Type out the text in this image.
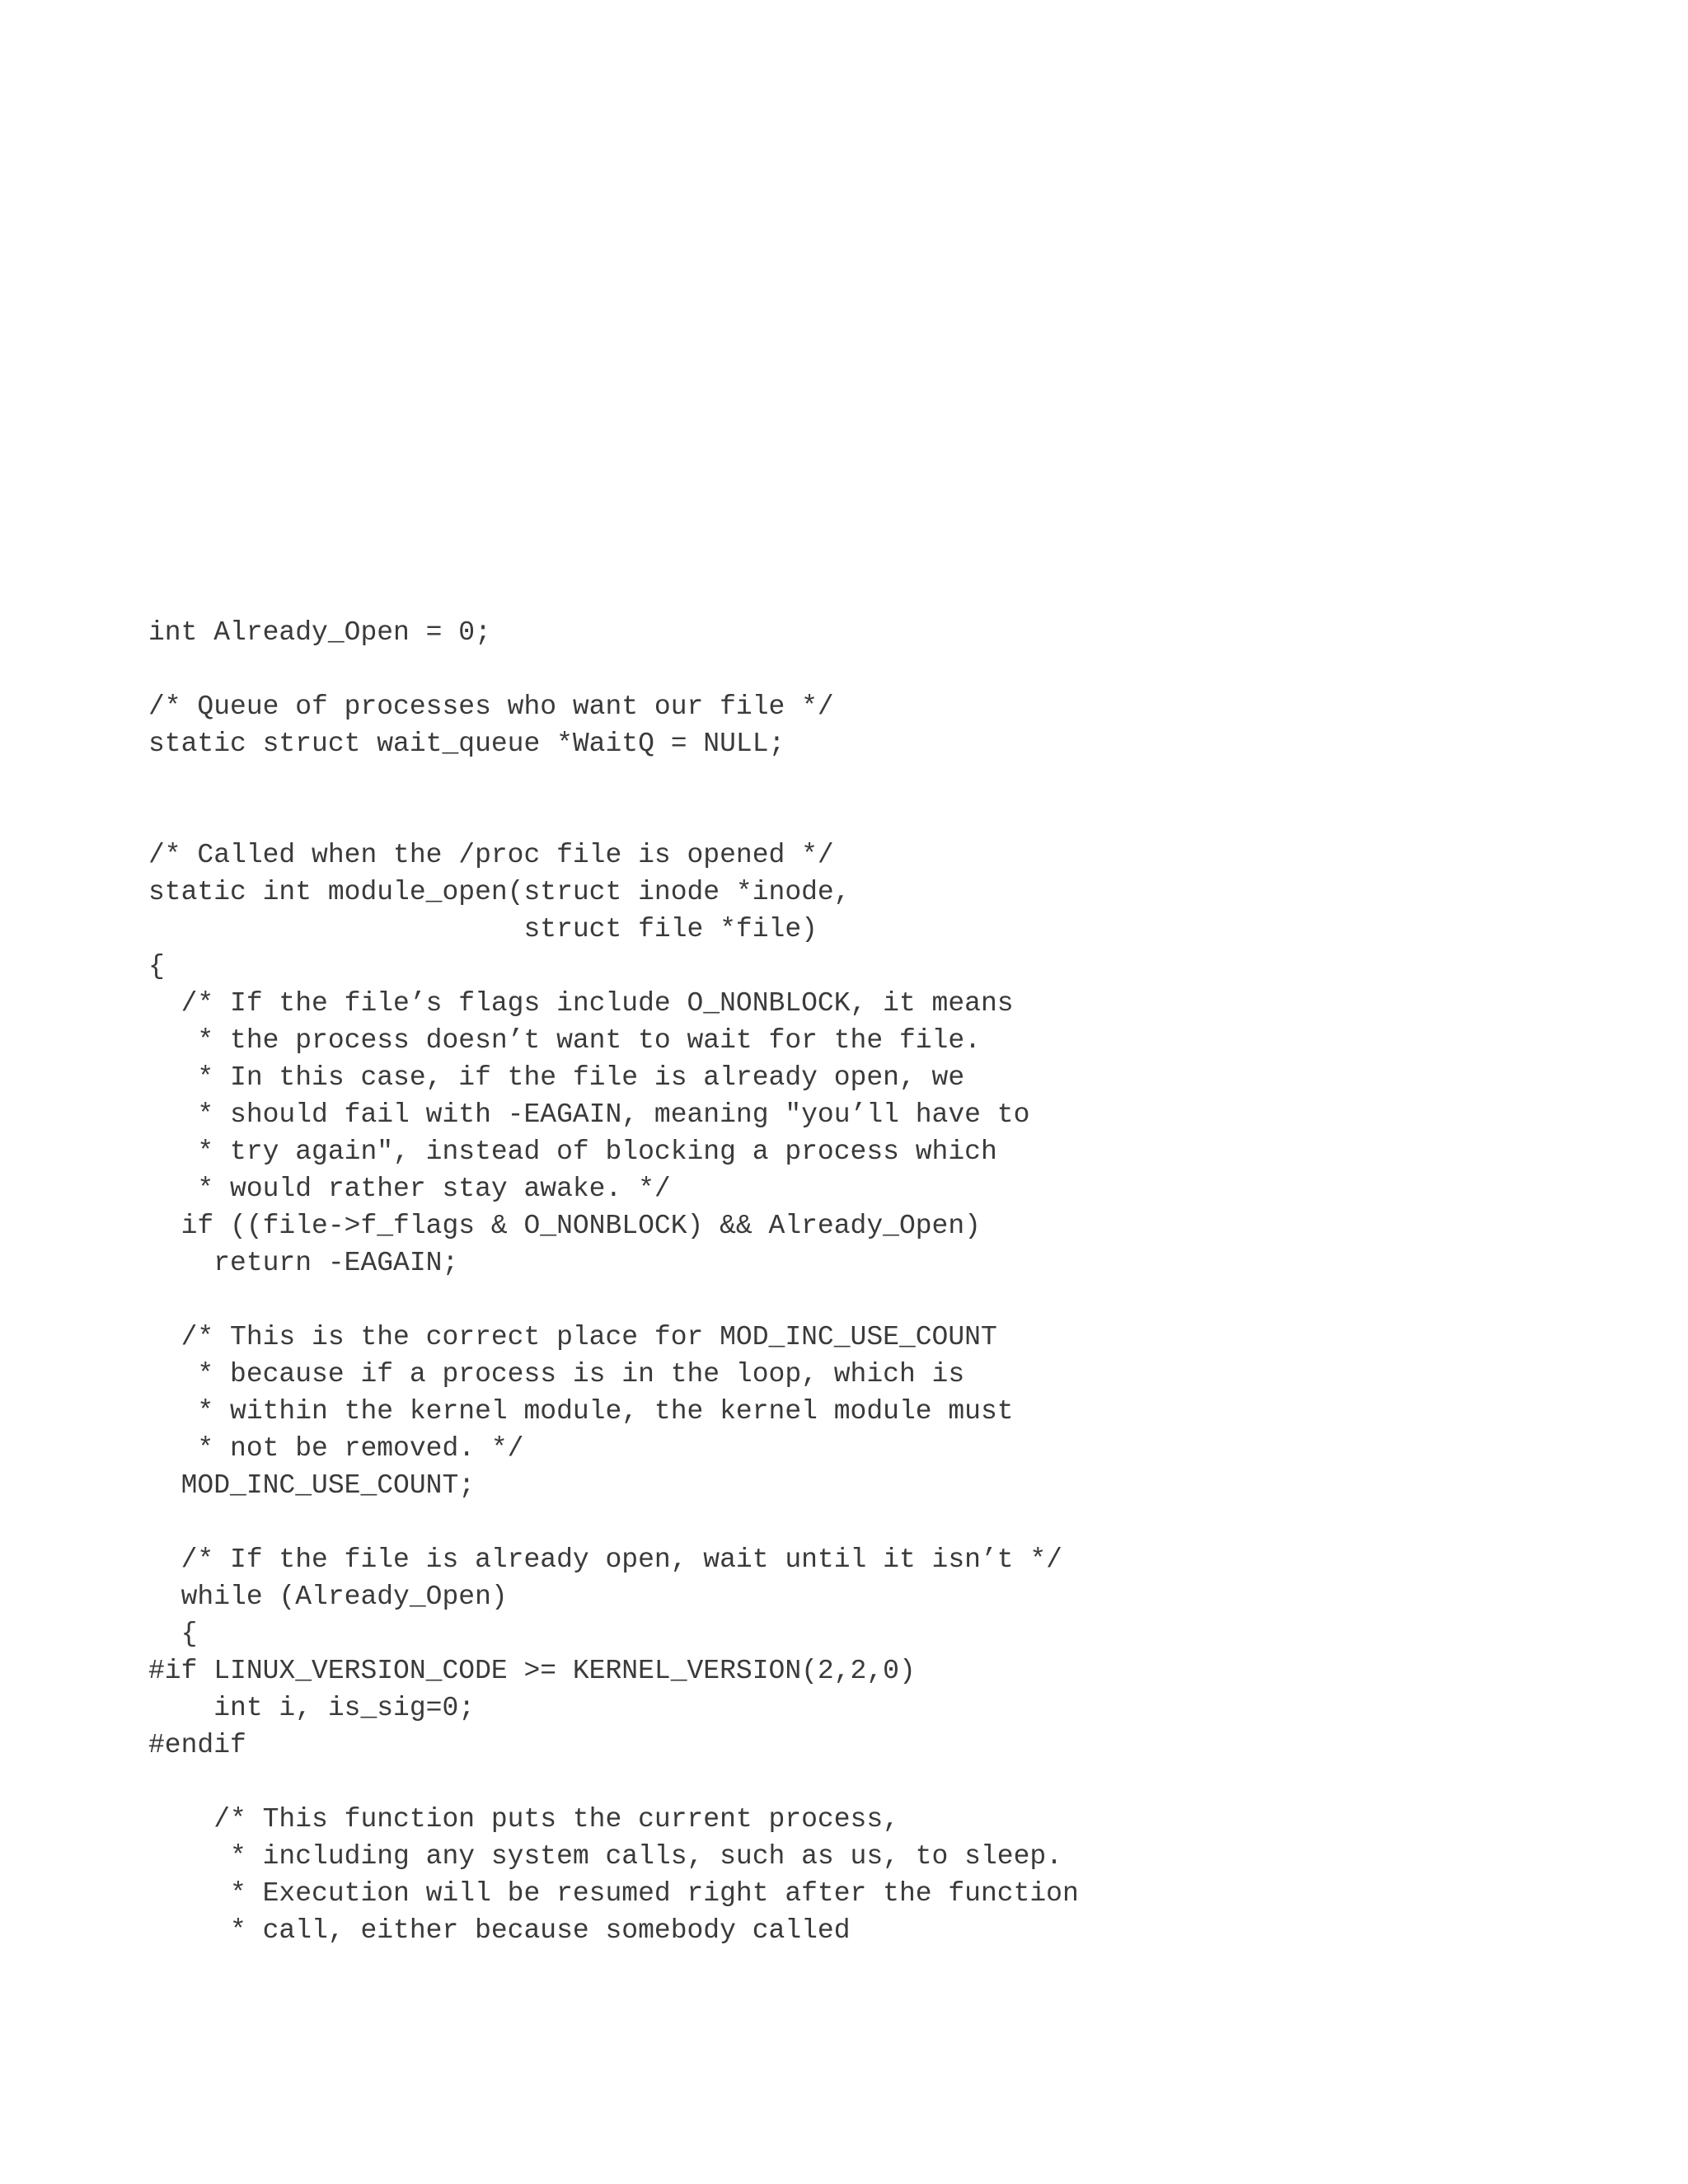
int Already_Open = 0;
/* Queue of processes who want our file */
static struct wait_queue *WaitQ = NULL;
/* Called when the /proc file is opened */
static int module_open(struct inode *inode,
struct file *file)
{
/* If the file’s flags include O_NONBLOCK, it means
* the process doesn’t want to wait for the file.
* In this case, if the file is already open, we
* should fail with -EAGAIN, meaning "you’ll have to
* try again", instead of blocking a process which
* would rather stay awake. */
if ((file->f_flags & O_NONBLOCK) && Already_Open)
return -EAGAIN;
/* This is the correct place for MOD_INC_USE_COUNT
* because if a process is in the loop, which is
* within the kernel module, the kernel module must
* not be removed. */
MOD_INC_USE_COUNT;
/* If the file is already open, wait until it isn’t */
while (Already_Open)
{
#if LINUX_VERSION_CODE >= KERNEL_VERSION(2,2,0)
int i, is_sig=0;
#endif
/* This function puts the current process,
* including any system calls, such as us, to sleep.
* Execution will be resumed right after the function
* call, either because somebody called
